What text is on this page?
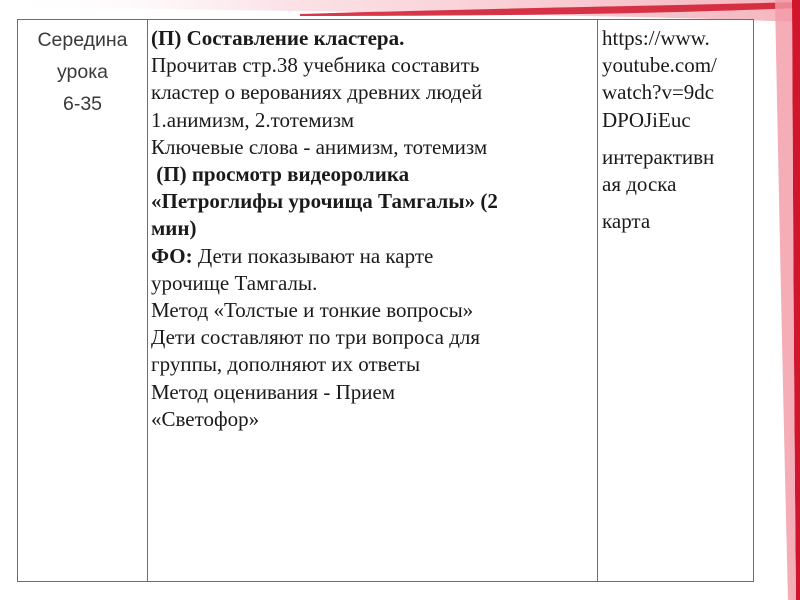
Середина
урока
6-35
(П) Составление кластера.
Прочитав стр.38 учебника составить
кластер о верованиях древних людей
1.анимизм, 2.тотемизм
Ключевые слова - анимизм, тотемизм
(П) просмотр видеоролика
«Петроглифы урочища Тамгалы» (2
мин)
ФО: Дети показывают на карте
урочище Тамгалы.
Метод «Толстые и тонкие вопросы»
Дети составляют по три вопроса для
группы, дополняют их ответы
Метод оценивания - Прием
«Светофор»
https://www.
youtube.com/
watch?v=9dc
DPOJiEuc
интерактивн
ая доска
карта
